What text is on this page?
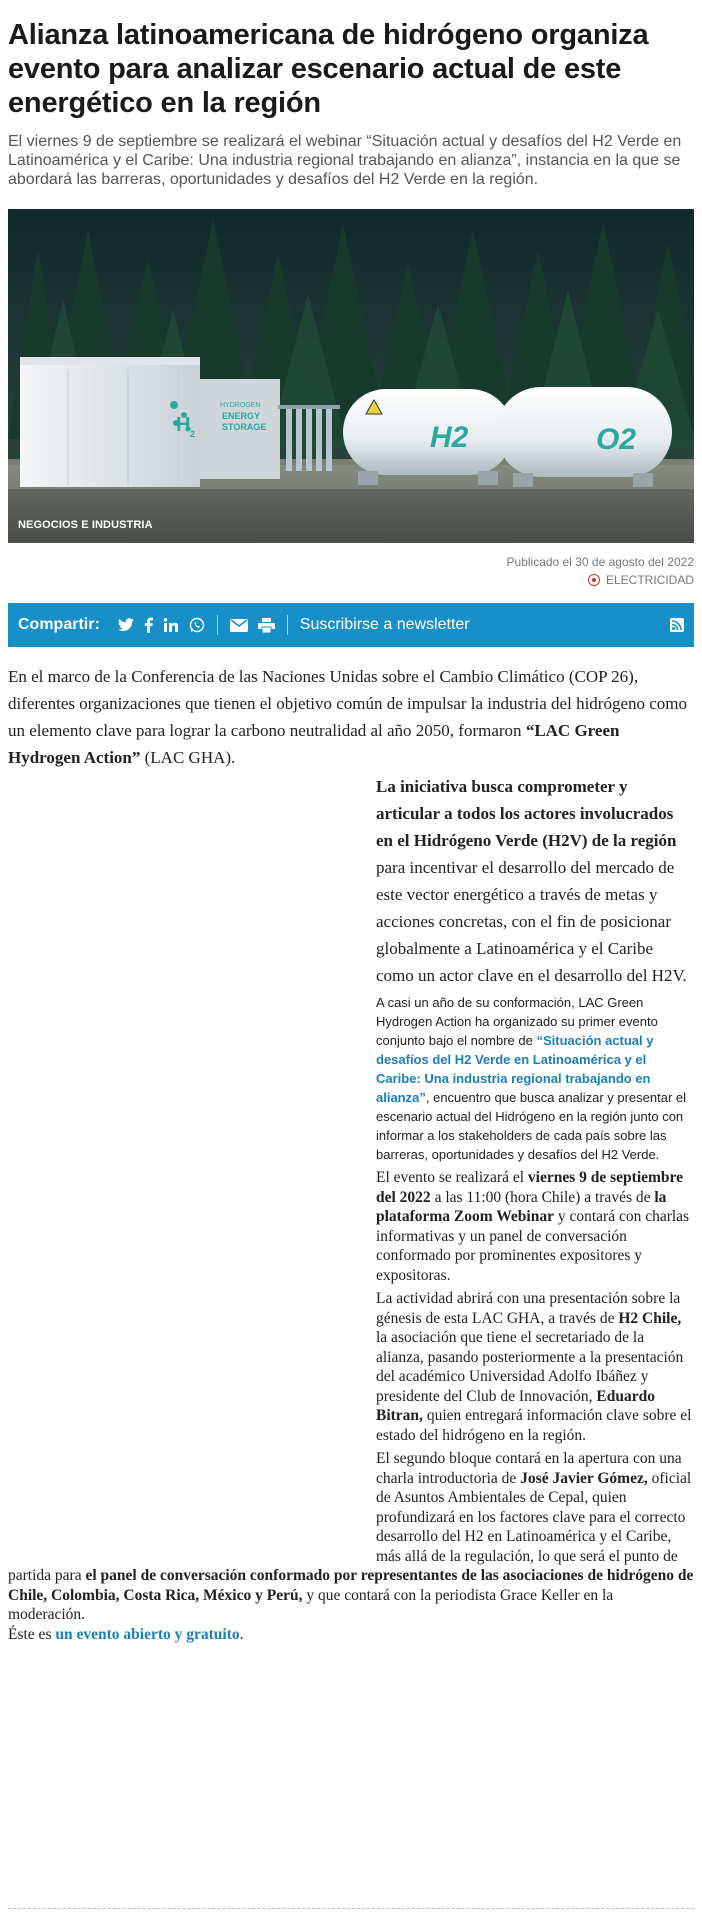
Alianza latinoamericana de hidrógeno organiza evento para analizar escenario actual de este energético en la región

El viernes 9 de septiembre se realizará el webinar “Situación actual y desafíos del H2 Verde en Latinoamérica y el Caribe: Una industria regional trabajando en alianza”, instancia en la que se abordará las barreras, oportunidades y desafíos del H2 Verde en la región.

H 2
HYDROGEN
ENERGY
STORAGE	H2	O2
NEGOCIOS E INDUSTRIA
Publicado el 30 de agosto del 2022
ELECTRICIDAD
Compartir:	Suscribirse a newsletter

En el marco de la Conferencia de las Naciones Unidas sobre el Cambio Climático (COP 26), diferentes organizaciones que tienen el objetivo común de impulsar la industria del hidrógeno como un elemento clave para lograr la carbono neutralidad al año 2050, formaron “LAC Green Hydrogen Action” (LAC GHA).

La iniciativa busca comprometer y articular a todos los actores involucrados en el Hidrógeno Verde (H2V) de la región para incentivar el desarrollo del mercado de este vector energético a través de metas y acciones concretas, con el fin de posicionar globalmente a Latinoamérica y el Caribe como un actor clave en el desarrollo del H2V.

A casi un año de su conformación, LAC Green Hydrogen Action ha organizado su primer evento conjunto bajo el nombre de “Situación actual y desafíos del H2 Verde en Latinoamérica y el Caribe: Una industria regional trabajando en alianza”, encuentro que busca analizar y presentar el escenario actual del Hidrógeno en la región junto con informar a los stakeholders de cada país sobre las barreras, oportunidades y desafíos del H2 Verde.

El evento se realizará el viernes 9 de septiembre del 2022 a las 11:00 (hora Chile) a través de la plataforma Zoom Webinar y contará con charlas informativas y un panel de conversación conformado por prominentes expositores y expositoras.

La actividad abrirá con una presentación sobre la génesis de esta LAC GHA, a través de H2 Chile, la asociación que tiene el secretariado de la alianza, pasando posteriormente a la presentación del académico Universidad Adolfo Ibáñez y presidente del Club de Innovación, Eduardo Bitran, quien entregará información clave sobre el estado del hidrógeno en la región.

El segundo bloque contará en la apertura con una charla introductoria de José Javier Gómez, oficial de Asuntos Ambientales de Cepal, quien profundizará en los factores clave para el correcto desarrollo del H2 en Latinoamérica y el Caribe, más allá de la regulación, lo que será el punto de

partida para el panel de conversación conformado por representantes de las asociaciones de hidrógeno de Chile, Colombia, Costa Rica, México y Perú, y que contará con la periodista Grace Keller en la moderación.

Éste es un evento abierto y gratuito.
